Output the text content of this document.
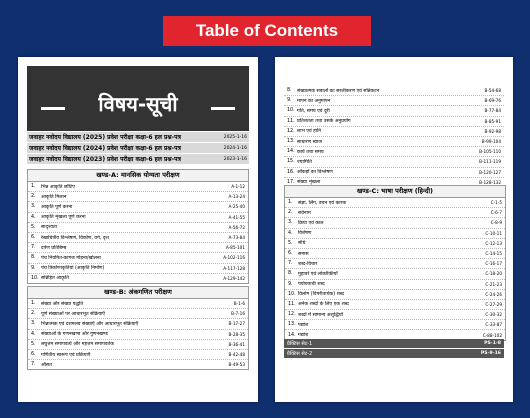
Table of Contents
विषय-सूची
जवाहर नवोदय विद्यालय (2025) प्रवेश परीक्षा कक्षा-6 हल प्रश्न-पत्र	2025-1-16
जवाहर नवोदय विद्यालय (2024) प्रवेश परीक्षा कक्षा-6 हल प्रश्न-पत्र	2024-1-16
जवाहर नवोदय विद्यालय (2023) प्रवेश परीक्षा कक्षा-6 हल प्रश्न-पत्र	2023-1-16
खण्ड-A: मानसिक योग्यता परीक्षण
1.	भिन्न आकृति छाँटिए	A-1-12
2.	आकृति मिलान	A-13-24
3.	आकृति पूर्ण करना	A-25-40
4.	आकृति शृंखला पूर्ण करना	A-41-55
5.	सादृश्यता	A-56-72
6.	रेखाचित्रीय विश्लेषण, विकोण, वर्ग, वृत्त	A-73-84
7.	दर्पण प्रतिबिम्ब	A-85-101
8.	पंच नियमित-कागज मोड़ना/खोलना	A-102-116
9.	पंच त्रिकोणाकृतियां (आकृति निर्माण)	A-117-128
10. सन्निहित आकृति	A-129-142
खण्ड-B: अंकगणित परीक्षण
1.	संख्या और संख्या पद्धति	B-1-6
2.	पूर्ण संख्याओं पर आधारभूत संक्रियाएँ	B-7-16
3.	भिन्नात्मक एवं दशमलव संख्याएँ और आधारभूत संक्रियाएँ	B-17-27
4.	संख्याओं के गणनखण्ड और गुणनखण्ड	B-28-35
5.	लघुत्तम समापवर्त्य और महत्तम समापवर्तक	B-36-41
6.	गणितीय स्वरूप एवं प्रक्रियाएँ	B-42-48
7.	औसत	B-49-53
8.	संख्यात्मक सवालों का सरलीकरण एवं सन्निकटन	B-54-68
9.	मापन का अनुमापन	B-69-76
10. गति, समय एवं दूरी	B-77-84
11. प्रतिशतता तथा उसके अनुप्रयोग	B-85-91
12. लाभ एवं हानि	B-92-98
13. साधारण ब्याज	B-99-104
14. कार्य तथा समय	B-105-110
15. ज्यामिति	B-111-119
16. आँकड़ों का विश्लेषण	B-120-127
17. संख्या शृंखला	B-128-132
खण्ड-C: भाषा परीक्षण (हिन्दी)
1.	संज्ञा, लिंग, वचन एवं कारक	C-1-5
2.	सर्वनाम	C-6-7
3.	क्रिया एवं काल	C-8-9
4.	विशेषण	C-10-11
5.	संधि	C-12-13
6.	समास	C-14-15
7.	शब्द-विचार	C-16-17
8.	मुहावरे एवं लोकोक्तियाँ	C-18-20
9.	पर्यायवाची शब्द	C-21-23
10. विलोम (विपरीतार्थक) शब्द	C-24-26
11. अनेक शब्दों के लिए एक शब्द	C-27-29
12. शब्दों में सामान्य अशुद्धियाँ	C-30-32
13. पद्यांश	C-33-87
14. गद्यांश	C-88-102
प्रैक्टिस सेट-1	PS-1-8
प्रैक्टिस सेट-2	PS-9-16
